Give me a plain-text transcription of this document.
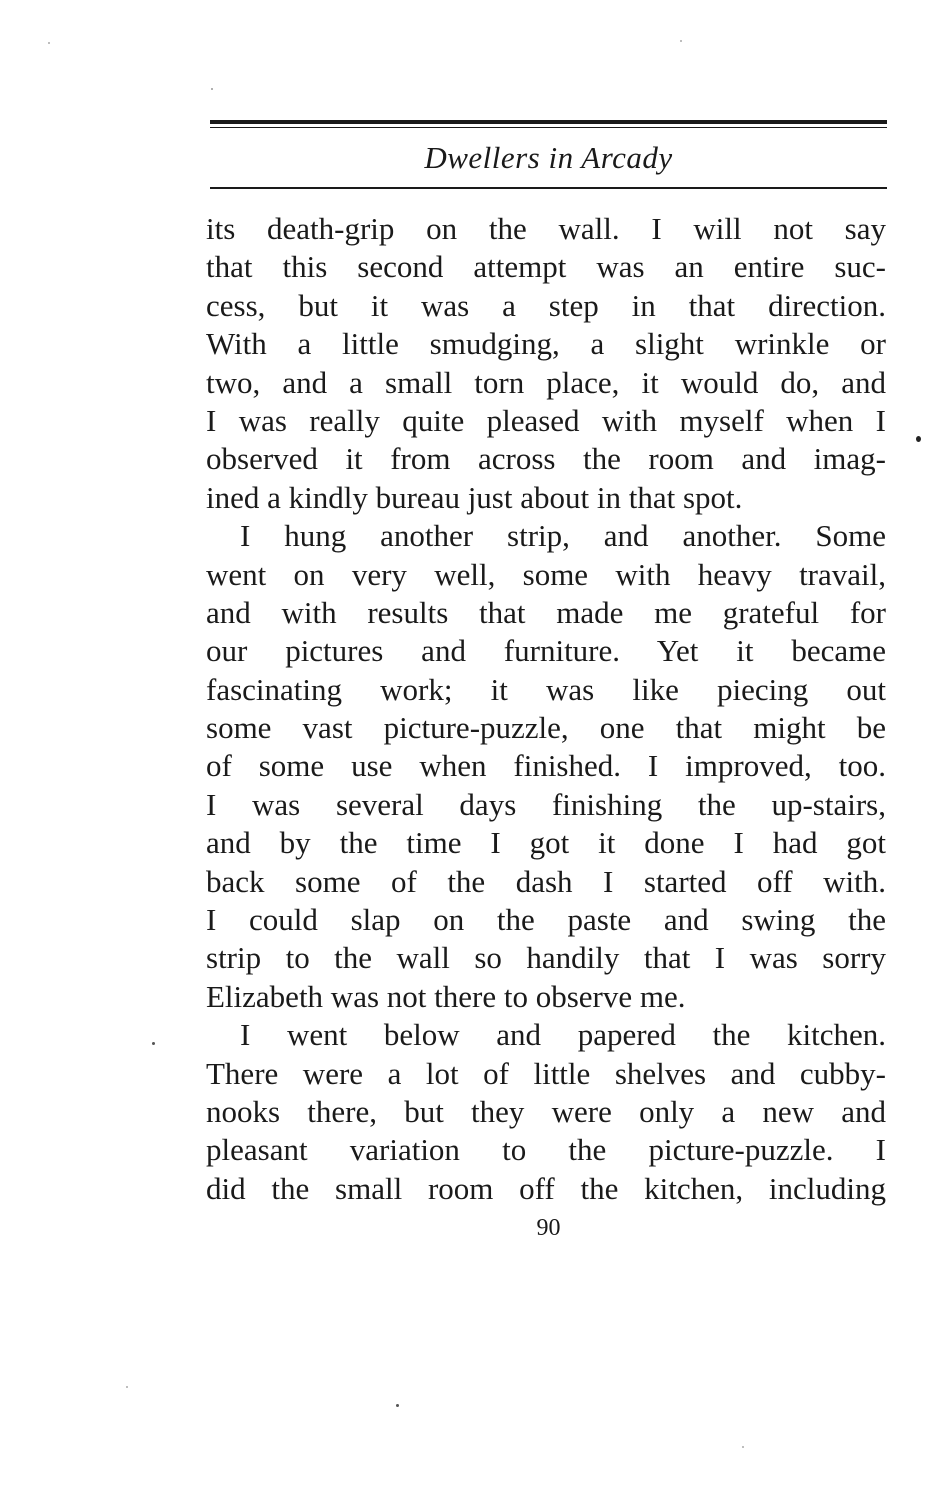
Dwellers in Arcady
its death-grip on the wall. I will not say
that this second attempt was an entire suc-
cess, but it was a step in that direction.
With a little smudging, a slight wrinkle or
two, and a small torn place, it would do, and
I was really quite pleased with myself when I
observed it from across the room and imag-
ined a kindly bureau just about in that spot.
I hung another strip, and another. Some
went on very well, some with heavy travail,
and with results that made me grateful for
our pictures and furniture. Yet it became
fascinating work; it was like piecing out
some vast picture-puzzle, one that might be
of some use when finished. I improved, too.
I was several days finishing the up-stairs,
and by the time I got it done I had got
back some of the dash I started off with.
I could slap on the paste and swing the
strip to the wall so handily that I was sorry
Elizabeth was not there to observe me.
I went below and papered the kitchen.
There were a lot of little shelves and cubby-
nooks there, but they were only a new and
pleasant variation to the picture-puzzle. I
did the small room off the kitchen, including
90
